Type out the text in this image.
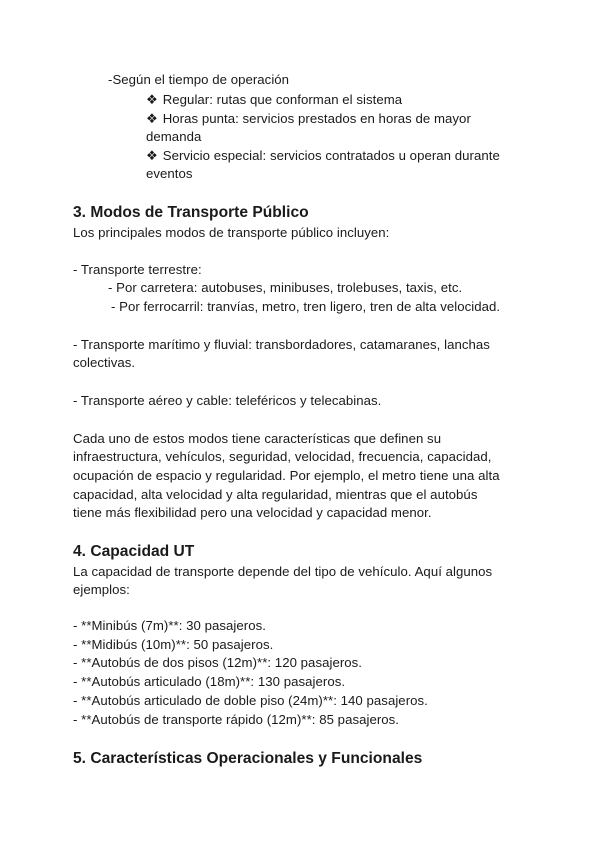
-Según el tiempo de operación
❖ Regular: rutas que conforman el sistema
❖ Horas punta: servicios prestados en horas de mayor
demanda
❖ Servicio especial: servicios contratados u operan durante
eventos
3. Modos de Transporte Público
Los principales modos de transporte público incluyen:
- Transporte terrestre:
- Por carretera: autobuses, minibuses, trolebuses, taxis, etc.
- Por ferrocarril: tranvías, metro, tren ligero, tren de alta velocidad.
- Transporte marítimo y fluvial: transbordadores, catamaranes, lanchas
colectivas.
- Transporte aéreo y cable: teleféricos y telecabinas.
Cada uno de estos modos tiene características que definen su
infraestructura, vehículos, seguridad, velocidad, frecuencia, capacidad,
ocupación de espacio y regularidad. Por ejemplo, el metro tiene una alta
capacidad, alta velocidad y alta regularidad, mientras que el autobús
tiene más flexibilidad pero una velocidad y capacidad menor.
4. Capacidad UT
La capacidad de transporte depende del tipo de vehículo. Aquí algunos
ejemplos:
- **Minibús (7m)**: 30 pasajeros.
- **Midibús (10m)**: 50 pasajeros.
- **Autobús de dos pisos (12m)**: 120 pasajeros.
- **Autobús articulado (18m)**: 130 pasajeros.
- **Autobús articulado de doble piso (24m)**: 140 pasajeros.
- **Autobús de transporte rápido (12m)**: 85 pasajeros.
5. Características Operacionales y Funcionales
